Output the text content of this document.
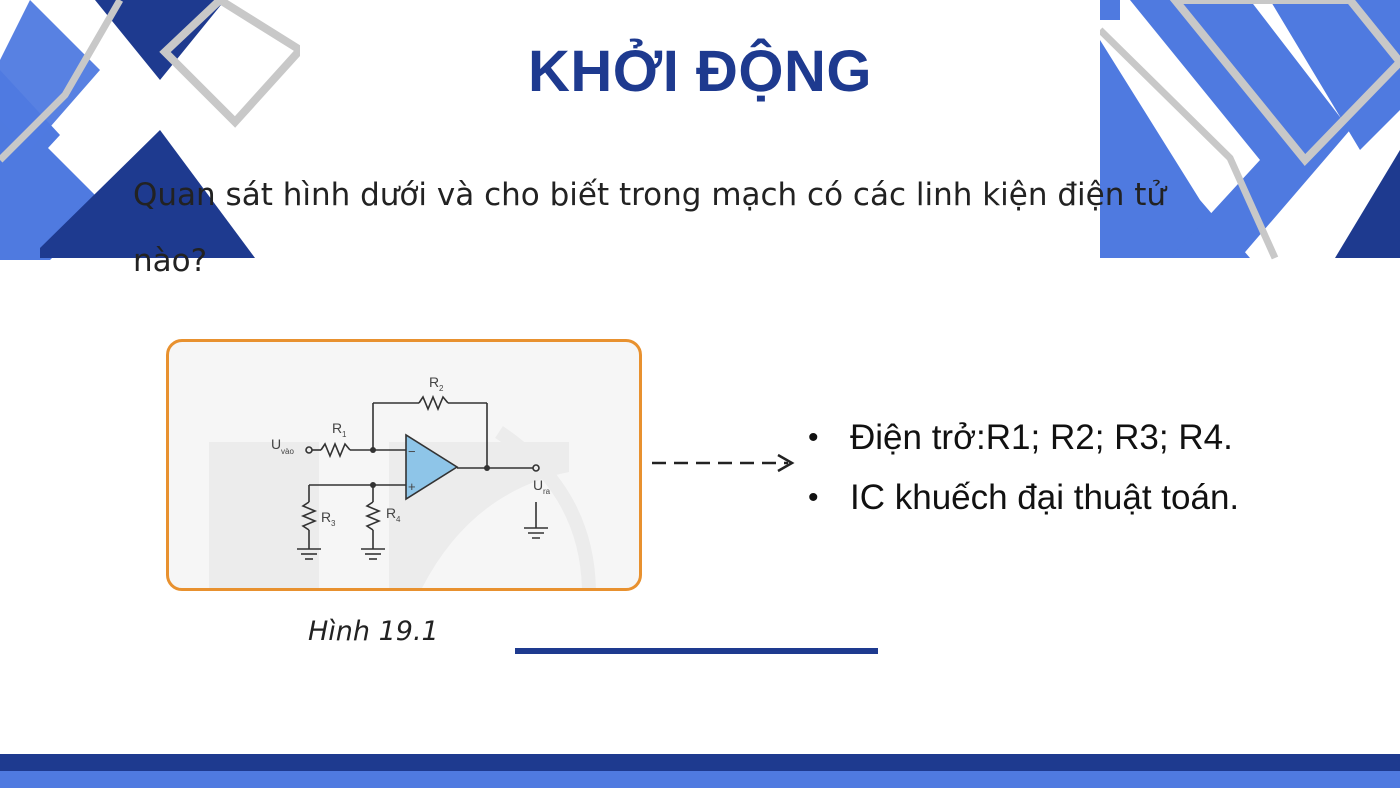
KHỞI ĐỘNG

Quan sát hình dưới và cho biết trong mạch có các linh kiện điện tử nào?

R 2
R 1
U vào
U ra
R 3
R 4
−
+
Hình 19.1
• Điện trở:R1; R2; R3; R4.
• IC khuếch đại thuật toán.
